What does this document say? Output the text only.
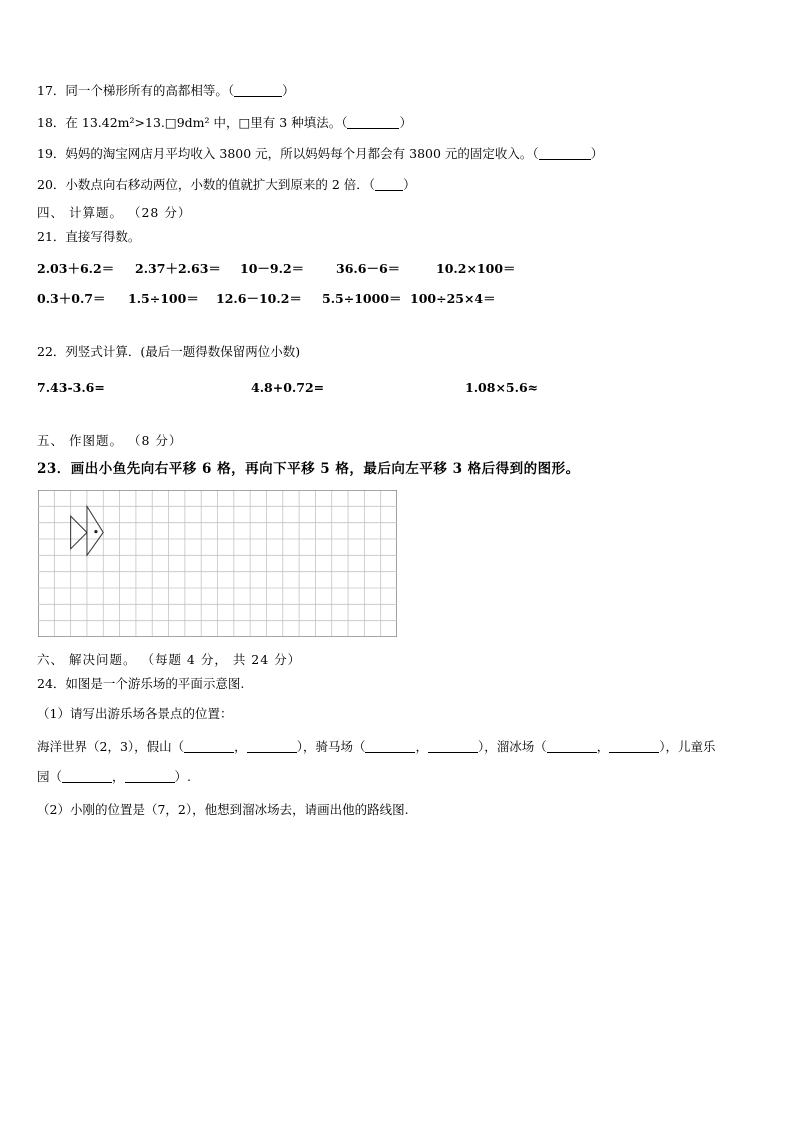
17．同一个梯形所有的高都相等。（	）
18．在 13.42m²>13.□9dm² 中，□里有 3 种填法。（	）
19．妈妈的淘宝网店月平均收入 3800 元，所以妈妈每个月都会有 3800 元的固定收入。（	）
20．小数点向右移动两位，小数的值就扩大到原来的 2 倍．（ ）
四、 计算题。 （28 分）
21．直接写得数。
2.03＋6.2＝ 2.37＋2.63＝ 10－9.2＝	36.6－6＝	10.2×100＝
0.3＋0.7＝ 1.5÷100＝ 12.6－10.2＝ 5.5÷1000＝ 100÷25×4＝
22．列竖式计算．(最后一题得数保留两位小数)
7.43-3.6=	4.8+0.72=	1.08×5.6≈
五、 作图题。 （8 分）
23．画出小鱼先向右平移 6 格，再向下平移 5 格，最后向左平移 3 格后得到的图形。
六、 解决问题。 （每题 4 分， 共 24 分）
24．如图是一个游乐场的平面示意图.
（1）请写出游乐场各景点的位置：
海洋世界（2，3），假山（	，	），骑马场（	，	），溜冰场（	，	），儿童乐
园（	，	）.
（2）小刚的位置是（7，2），他想到溜冰场去，请画出他的路线图.
